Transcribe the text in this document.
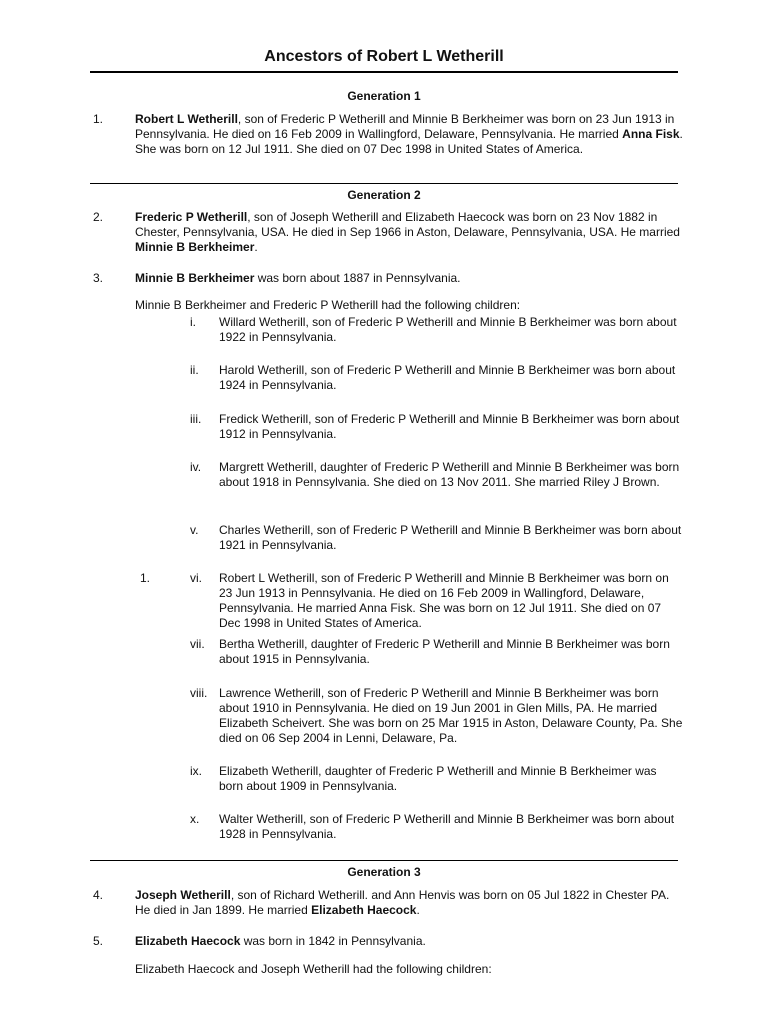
Ancestors of Robert L Wetherill
Generation 1
1.	Robert L Wetherill, son of Frederic P Wetherill and Minnie B Berkheimer was born on 23 Jun 1913 in Pennsylvania. He died on 16 Feb 2009 in Wallingford, Delaware, Pennsylvania. He married Anna Fisk. She was born on 12 Jul 1911. She died on 07 Dec 1998 in United States of America.
Generation 2
2.	Frederic P Wetherill, son of Joseph Wetherill and Elizabeth Haecock was born on 23 Nov 1882 in Chester, Pennsylvania, USA. He died in Sep 1966 in Aston, Delaware, Pennsylvania, USA. He married Minnie B Berkheimer.
3.	Minnie B Berkheimer was born about 1887 in Pennsylvania.
Minnie B Berkheimer and Frederic P Wetherill had the following children:
i.	Willard Wetherill, son of Frederic P Wetherill and Minnie B Berkheimer was born about 1922 in Pennsylvania.
ii.	Harold Wetherill, son of Frederic P Wetherill and Minnie B Berkheimer was born about 1924 in Pennsylvania.
iii.	Fredick Wetherill, son of Frederic P Wetherill and Minnie B Berkheimer was born about 1912 in Pennsylvania.
iv.	Margrett Wetherill, daughter of Frederic P Wetherill and Minnie B Berkheimer was born about 1918 in Pennsylvania. She died on 13 Nov 2011. She married Riley J Brown.
v.	Charles Wetherill, son of Frederic P Wetherill and Minnie B Berkheimer was born about 1921 in Pennsylvania.
1.	vi.	Robert L Wetherill, son of Frederic P Wetherill and Minnie B Berkheimer was born on 23 Jun 1913 in Pennsylvania. He died on 16 Feb 2009 in Wallingford, Delaware, Pennsylvania. He married Anna Fisk. She was born on 12 Jul 1911. She died on 07 Dec 1998 in United States of America.
vii.	Bertha Wetherill, daughter of Frederic P Wetherill and Minnie B Berkheimer was born about 1915 in Pennsylvania.
viii. Lawrence Wetherill, son of Frederic P Wetherill and Minnie B Berkheimer was born about 1910 in Pennsylvania. He died on 19 Jun 2001 in Glen Mills, PA. He married Elizabeth Scheivert. She was born on 25 Mar 1915 in Aston, Delaware County, Pa. She died on 06 Sep 2004 in Lenni, Delaware, Pa.
ix.	Elizabeth Wetherill, daughter of Frederic P Wetherill and Minnie B Berkheimer was born about 1909 in Pennsylvania.
x.	Walter Wetherill, son of Frederic P Wetherill and Minnie B Berkheimer was born about 1928 in Pennsylvania.
Generation 3
4.	Joseph Wetherill, son of Richard Wetherill. and Ann Henvis was born on 05 Jul 1822 in Chester PA. He died in Jan 1899. He married Elizabeth Haecock.
5.	Elizabeth Haecock was born in 1842 in Pennsylvania.
Elizabeth Haecock and Joseph Wetherill had the following children:
